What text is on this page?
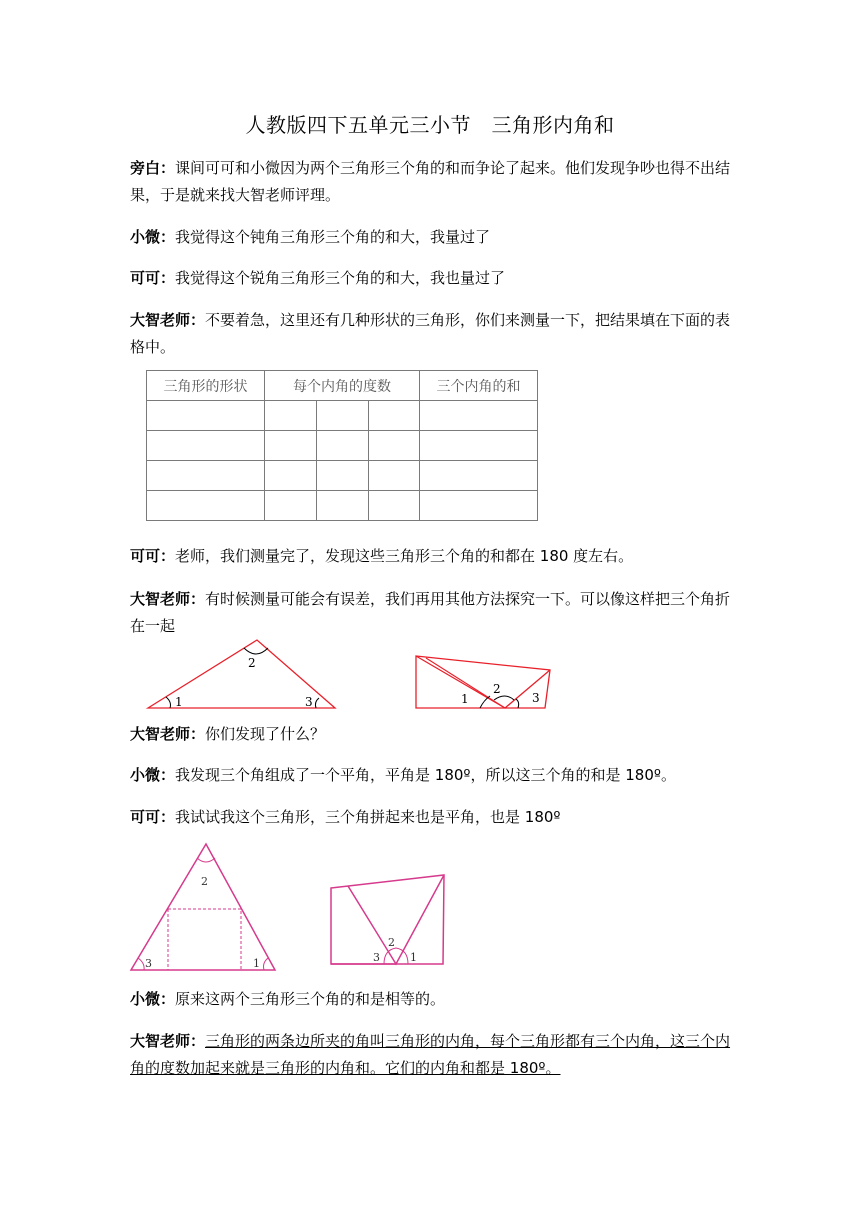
人教版四下五单元三小节　三角形内角和
旁白：课间可可和小微因为两个三角形三个角的和而争论了起来。他们发现争吵也得不出结果，于是就来找大智老师评理。
小微：我觉得这个钝角三角形三个角的和大，我量过了
可可：我觉得这个锐角三角形三个角的和大，我也量过了
大智老师：不要着急，这里还有几种形状的三角形，你们来测量一下，把结果填在下面的表格中。
三角形的形状	每个内角的度数			三个内角的和

可可：老师，我们测量完了，发现这些三角形三个角的和都在 180 度左右。
大智老师：有时候测量可能会有误差，我们再用其他方法探究一下。可以像这样把三个角折在一起
2
1	3	1
2
3
大智老师：你们发现了什么？
小微：我发现三个角组成了一个平角，平角是 180º，所以这三个角的和是 180º。
可可：我试试我这个三角形，三个角拼起来也是平角，也是 180º
2
3	1	3
2
1
小微：原来这两个三角形三个角的和是相等的。
大智老师：三角形的两条边所夹的角叫三角形的内角，每个三角形都有三个内角，这三个内角的度数加起来就是三角形的内角和。它们的内角和都是 180º。
